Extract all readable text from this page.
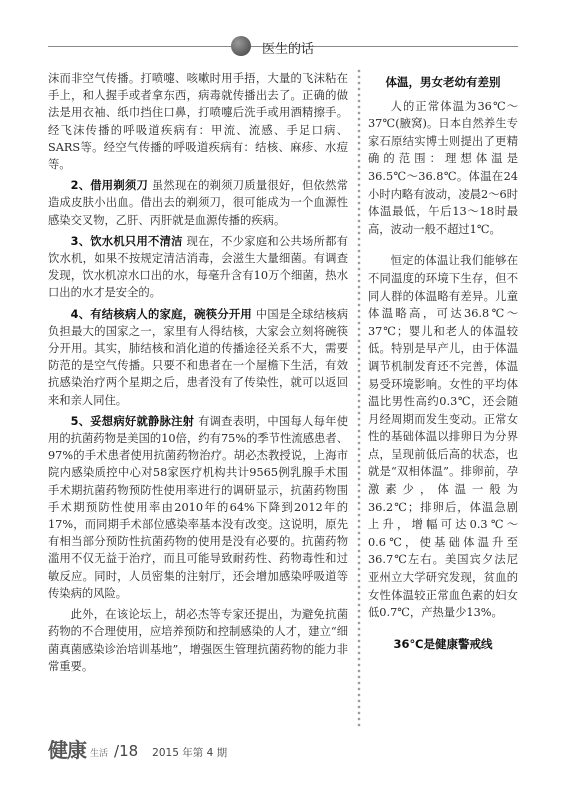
医生的话

沫而非空气传播。打喷嚏、咳嗽时用手捂，大量的飞沫粘在手上，和人握手或者拿东西，病毒就传播出去了。正确的做法是用衣袖、纸巾挡住口鼻，打喷嚏后洗手或用酒精擦手。经飞沫传播的呼吸道疾病有：甲流、流感、手足口病、SARS等。经空气传播的呼吸道疾病有：结核、麻疹、水痘等。

2、借用剃须刀 虽然现在的剃须刀质量很好，但依然常造成皮肤小出血。借出去的剃须刀，很可能成为一个血源性感染交叉物，乙肝、丙肝就是血源传播的疾病。

3、饮水机只用不清洁 现在，不少家庭和公共场所都有饮水机，如果不按规定清洁消毒，会滋生大量细菌。有调查发现，饮水机凉水口出的水，每毫升含有10万个细菌，热水口出的水才是安全的。

4、有结核病人的家庭，碗筷分开用 中国是全球结核病负担最大的国家之一，家里有人得结核，大家会立刻将碗筷分开用。其实，肺结核和消化道的传播途径关系不大，需要防范的是空气传播。只要不和患者在一个屋檐下生活，有效抗感染治疗两个星期之后，患者没有了传染性，就可以返回来和亲人同住。

5、妥想病好就静脉注射 有调查表明，中国每人每年使用的抗菌药物是美国的10倍，约有75%的季节性流感患者、97%的手术患者使用抗菌药物治疗。胡必杰教授说，上海市院内感染质控中心对58家医疗机构共计9565例乳腺手术围手术期抗菌药物预防性使用率进行的调研显示，抗菌药物围手术期预防性使用率由2010年的64%下降到2012年的17%，而同期手术部位感染率基本没有改变。这说明，原先有相当部分预防性抗菌药物的使用是没有必要的。抗菌药物滥用不仅无益于治疗，而且可能导致耐药性、药物毒性和过敏反应。同时，人员密集的注射厅，还会增加感染呼吸道等传染病的风险。

此外，在该论坛上，胡必杰等专家还提出，为避免抗菌药物的不合理使用，应培养预防和控制感染的人才，建立“细菌真菌感染诊治培训基地”，增强医生管理抗菌药物的能力非常重要。

体温，男女老幼有差别

人的正常体温为36℃～37℃(腋窝)。日本自然养生专家石原结实博士则提出了更精确的范围：理想体温是36.5℃～36.8℃。体温在24小时内略有波动，凌晨2～6时体温最低，午后13～18时最高，波动一般不超过1℃。

恒定的体温让我们能够在不同温度的环境下生存，但不同人群的体温略有差异。儿童体温略高，可达36.8℃～37℃；婴儿和老人的体温较低。特别是早产儿，由于体温调节机制发育还不完善，体温易受环境影响。女性的平均体温比男性高约0.3℃，还会随月经周期而发生变动。正常女性的基础体温以排卵日为分界点，呈现前低后高的状态，也就是“双相体温”。排卵前，孕激素少，体温一般为36.2℃；排卵后，体温急剧上升，增幅可达0.3℃～0.6℃，使基础体温升至36.7℃左右。美国宾夕法尼亚州立大学研究发现，贫血的女性体温较正常血色素的妇女低0.7℃，产热量少13%。

36℃是健康警戒线
健康 生活 /18 2015 年第 4 期
